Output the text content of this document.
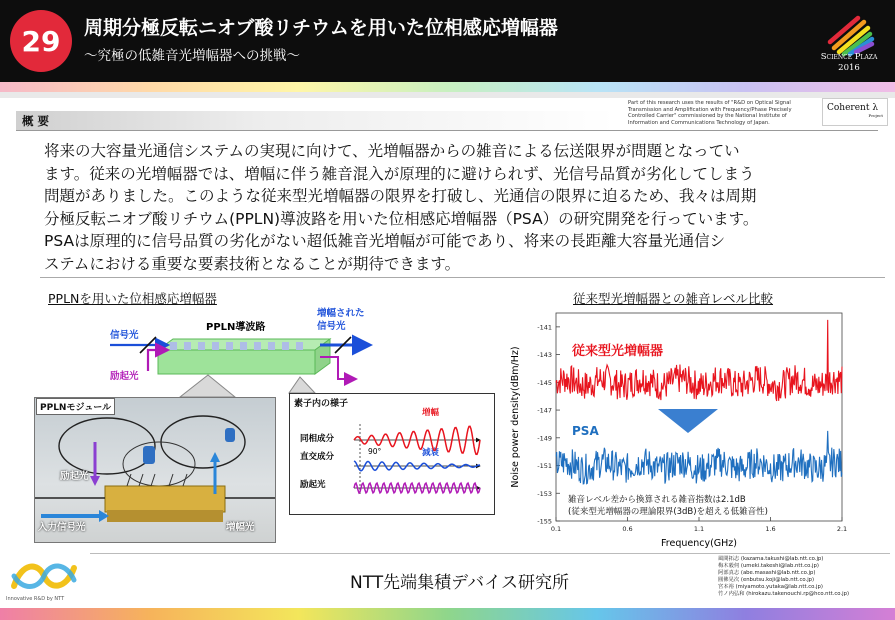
29	周期分極反転ニオブ酸リチウムを用いた位相感応増幅器
～究極の低雑音光増幅器への挑戦～	Science Plaza
2016
Part of this research uses the results of "R&D on Optical Signal Transmission and Amplification with Frequency/Phase Precisely Controlled Carrier" commissioned by the National Institute of Information and Communications Technology of Japan.
Coherent λ
Project
概要
将来の大容量光通信システムの実現に向けて、光増幅器からの雑音による伝送限界が問題となってい
ます。従来の光増幅器では、増幅に伴う雑音混入が原理的に避けられず、光信号品質が劣化してしまう
問題がありました。このような従来型光増幅器の限界を打破し、光通信の限界に迫るため、我々は周期
分極反転ニオブ酸リチウム(PPLN)導波路を用いた位相感応増幅器（PSA）の研究開発を行っています。
PSAは原理的に信号品質の劣化がない超低雑音光増幅が可能であり、将来の長距離大容量光通信シ
ステムにおける重要な要素技術となることが期待できます。
PPLNを用いた位相感応増幅器	従来型光増幅器との雑音レベル比較
信号光
励起光
PPLN導波路
増幅された
信号光
PPLNモジュール
励起光
入力信号光	増幅光
同相成分
直交成分
励起光
増幅
減衰
90°
素子内の様子
-141
-143
-145
-147
-149
-151
-153
-155
0.1	0.6	1.1	1.6	2.1
Frequency(GHz)
Noise power density(dBm/Hz)	従来型光増幅器
PSA
雑音レベル差から換算される雑音指数は2.1dB
(従来型光増幅器の理論限界(3dB)を超える低雑音性)
Innovative R&D by NTT
NTT先端集積デバイス研究所
風間拓志 (kazama.takushi@lab.ntt.co.jp)
梅木毅伺 (umeki.takeshi@lab.ntt.co.jp)
阿部真志 (abe.masashi@lab.ntt.co.jp)
圓佛晃次 (enbutsu.koji@lab.ntt.co.jp)
宮本裕 (miyamoto.yutaka@lab.ntt.co.jp)
竹ノ内弘和 (hirokazu.takenouchi.rp@hco.ntt.co.jp)
